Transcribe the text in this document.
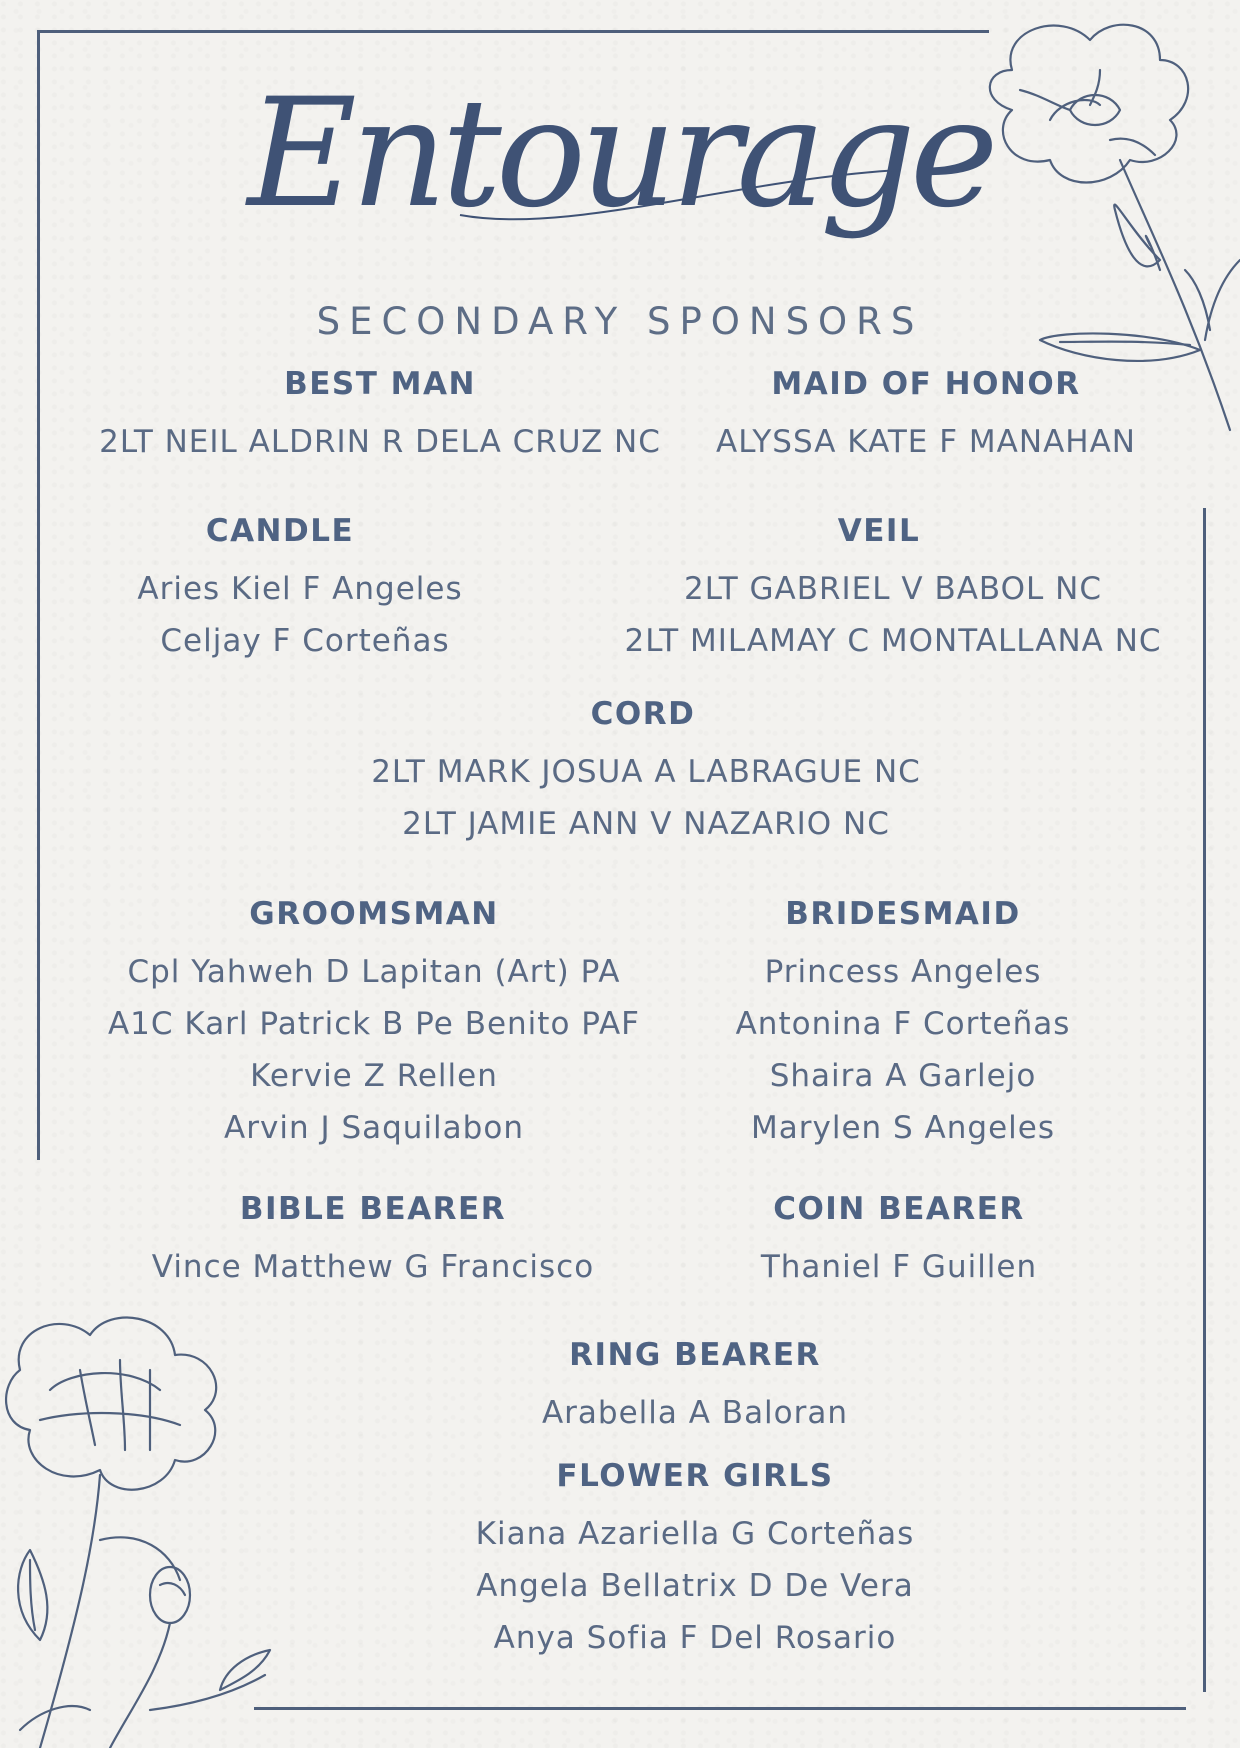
Entourage
SECONDARY SPONSORS
BEST MAN
2LT NEIL ALDRIN R DELA CRUZ NC
MAID OF HONOR
ALYSSA KATE F MANAHAN
CANDLE
Aries Kiel F Angeles
Celjay F Corteñas
VEIL
2LT GABRIEL V BABOL NC
2LT MILAMAY C MONTALLANA NC
CORD
2LT MARK JOSUA A LABRAGUE NC
2LT JAMIE ANN V NAZARIO NC
GROOMSMAN
Cpl Yahweh D Lapitan (Art) PA
A1C Karl Patrick B Pe Benito PAF
Kervie Z Rellen
Arvin J Saquilabon
BRIDESMAID
Princess Angeles
Antonina F Corteñas
Shaira A Garlejo
Marylen S Angeles
BIBLE BEARER
Vince Matthew G Francisco
COIN BEARER
Thaniel F Guillen
RING BEARER
Arabella A Baloran
FLOWER GIRLS
Kiana Azariella G Corteñas
Angela Bellatrix D De Vera
Anya Sofia F Del Rosario
